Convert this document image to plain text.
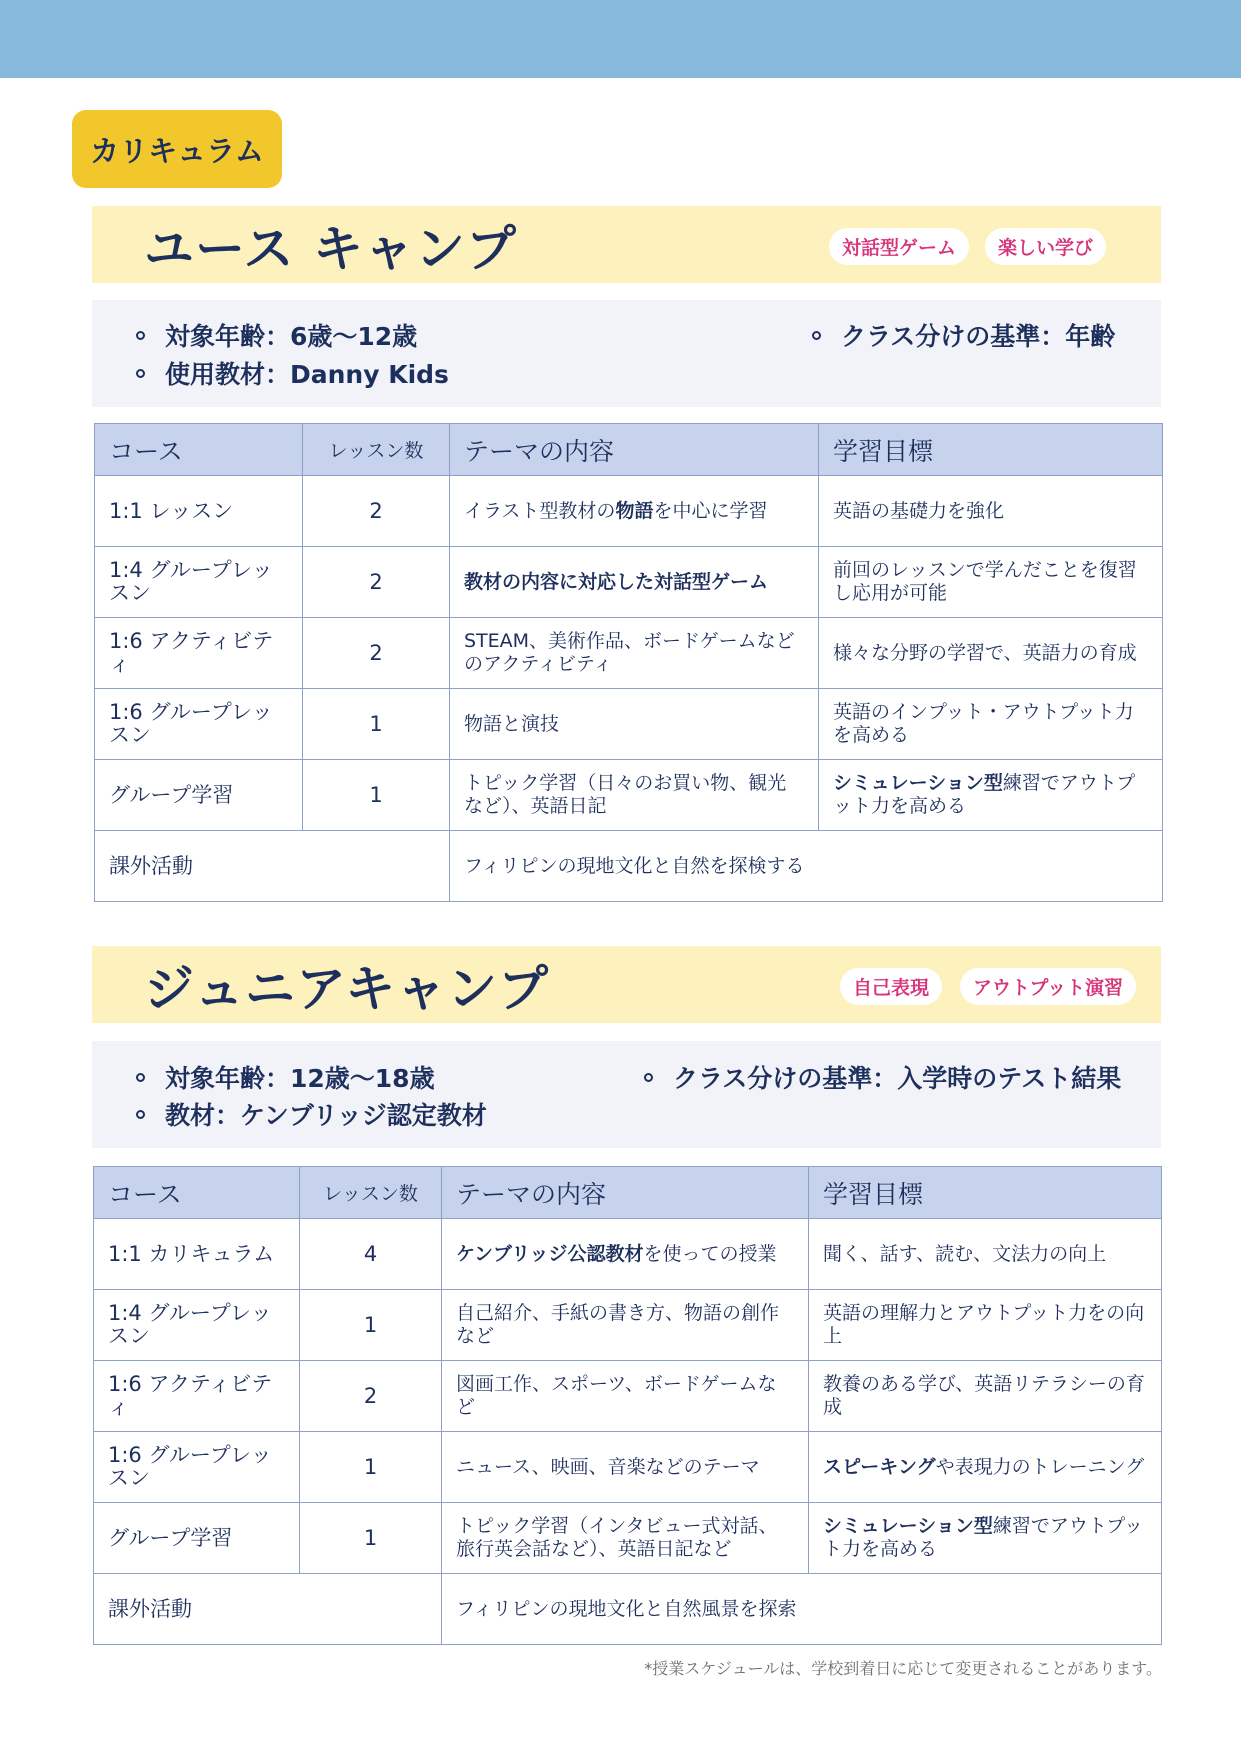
カリキュラム
ユース キャンプ	対話型ゲーム	楽しい学び
対象年齢：6歳〜12歳
使用教材：Danny Kids
クラス分けの基準：年齢
コース	レッスン数	テーマの内容	学習目標
1:1 レッスン	2	イラスト型教材の物語を中心に学習	英語の基礎力を強化
1:4 グループレッスン	2	教材の内容に対応した対話型ゲーム	前回のレッスンで学んだことを復習し応用が可能
1:6 アクティビティ	2	STEAM、美術作品、ボードゲームなどのアクティビティ	様々な分野の学習で、英語力の育成
1:6 グループレッスン	1	物語と演技	英語のインプット・アウトプット力を高める
グループ学習	1	トピック学習（日々のお買い物、観光など）、英語日記	シミュレーション型練習でアウトプット力を高める
課外活動		フィリピンの現地文化と自然を探検する	
ジュニアキャンプ	自己表現	アウトプット演習
対象年齢：12歳〜18歳
教材：ケンブリッジ認定教材
クラス分けの基準：入学時のテスト結果
コース	レッスン数	テーマの内容	学習目標
1:1 カリキュラム	4	ケンブリッジ公認教材を使っての授業	聞く、話す、読む、文法力の向上
1:4 グループレッスン	1	自己紹介、手紙の書き方、物語の創作など	英語の理解力とアウトプット力をの向上
1:6 アクティビティ	2	図画工作、スポーツ、ボードゲームなど	教養のある学び、英語リテラシーの育成
1:6 グループレッスン	1	ニュース、映画、音楽などのテーマ	スピーキングや表現力のトレーニング
グループ学習	1	トピック学習（インタビュー式対話、旅行英会話など）、英語日記など	シミュレーション型練習でアウトプット力を高める
課外活動		フィリピンの現地文化と自然風景を探索	
*授業スケジュールは、学校到着日に応じて変更されることがあります。
